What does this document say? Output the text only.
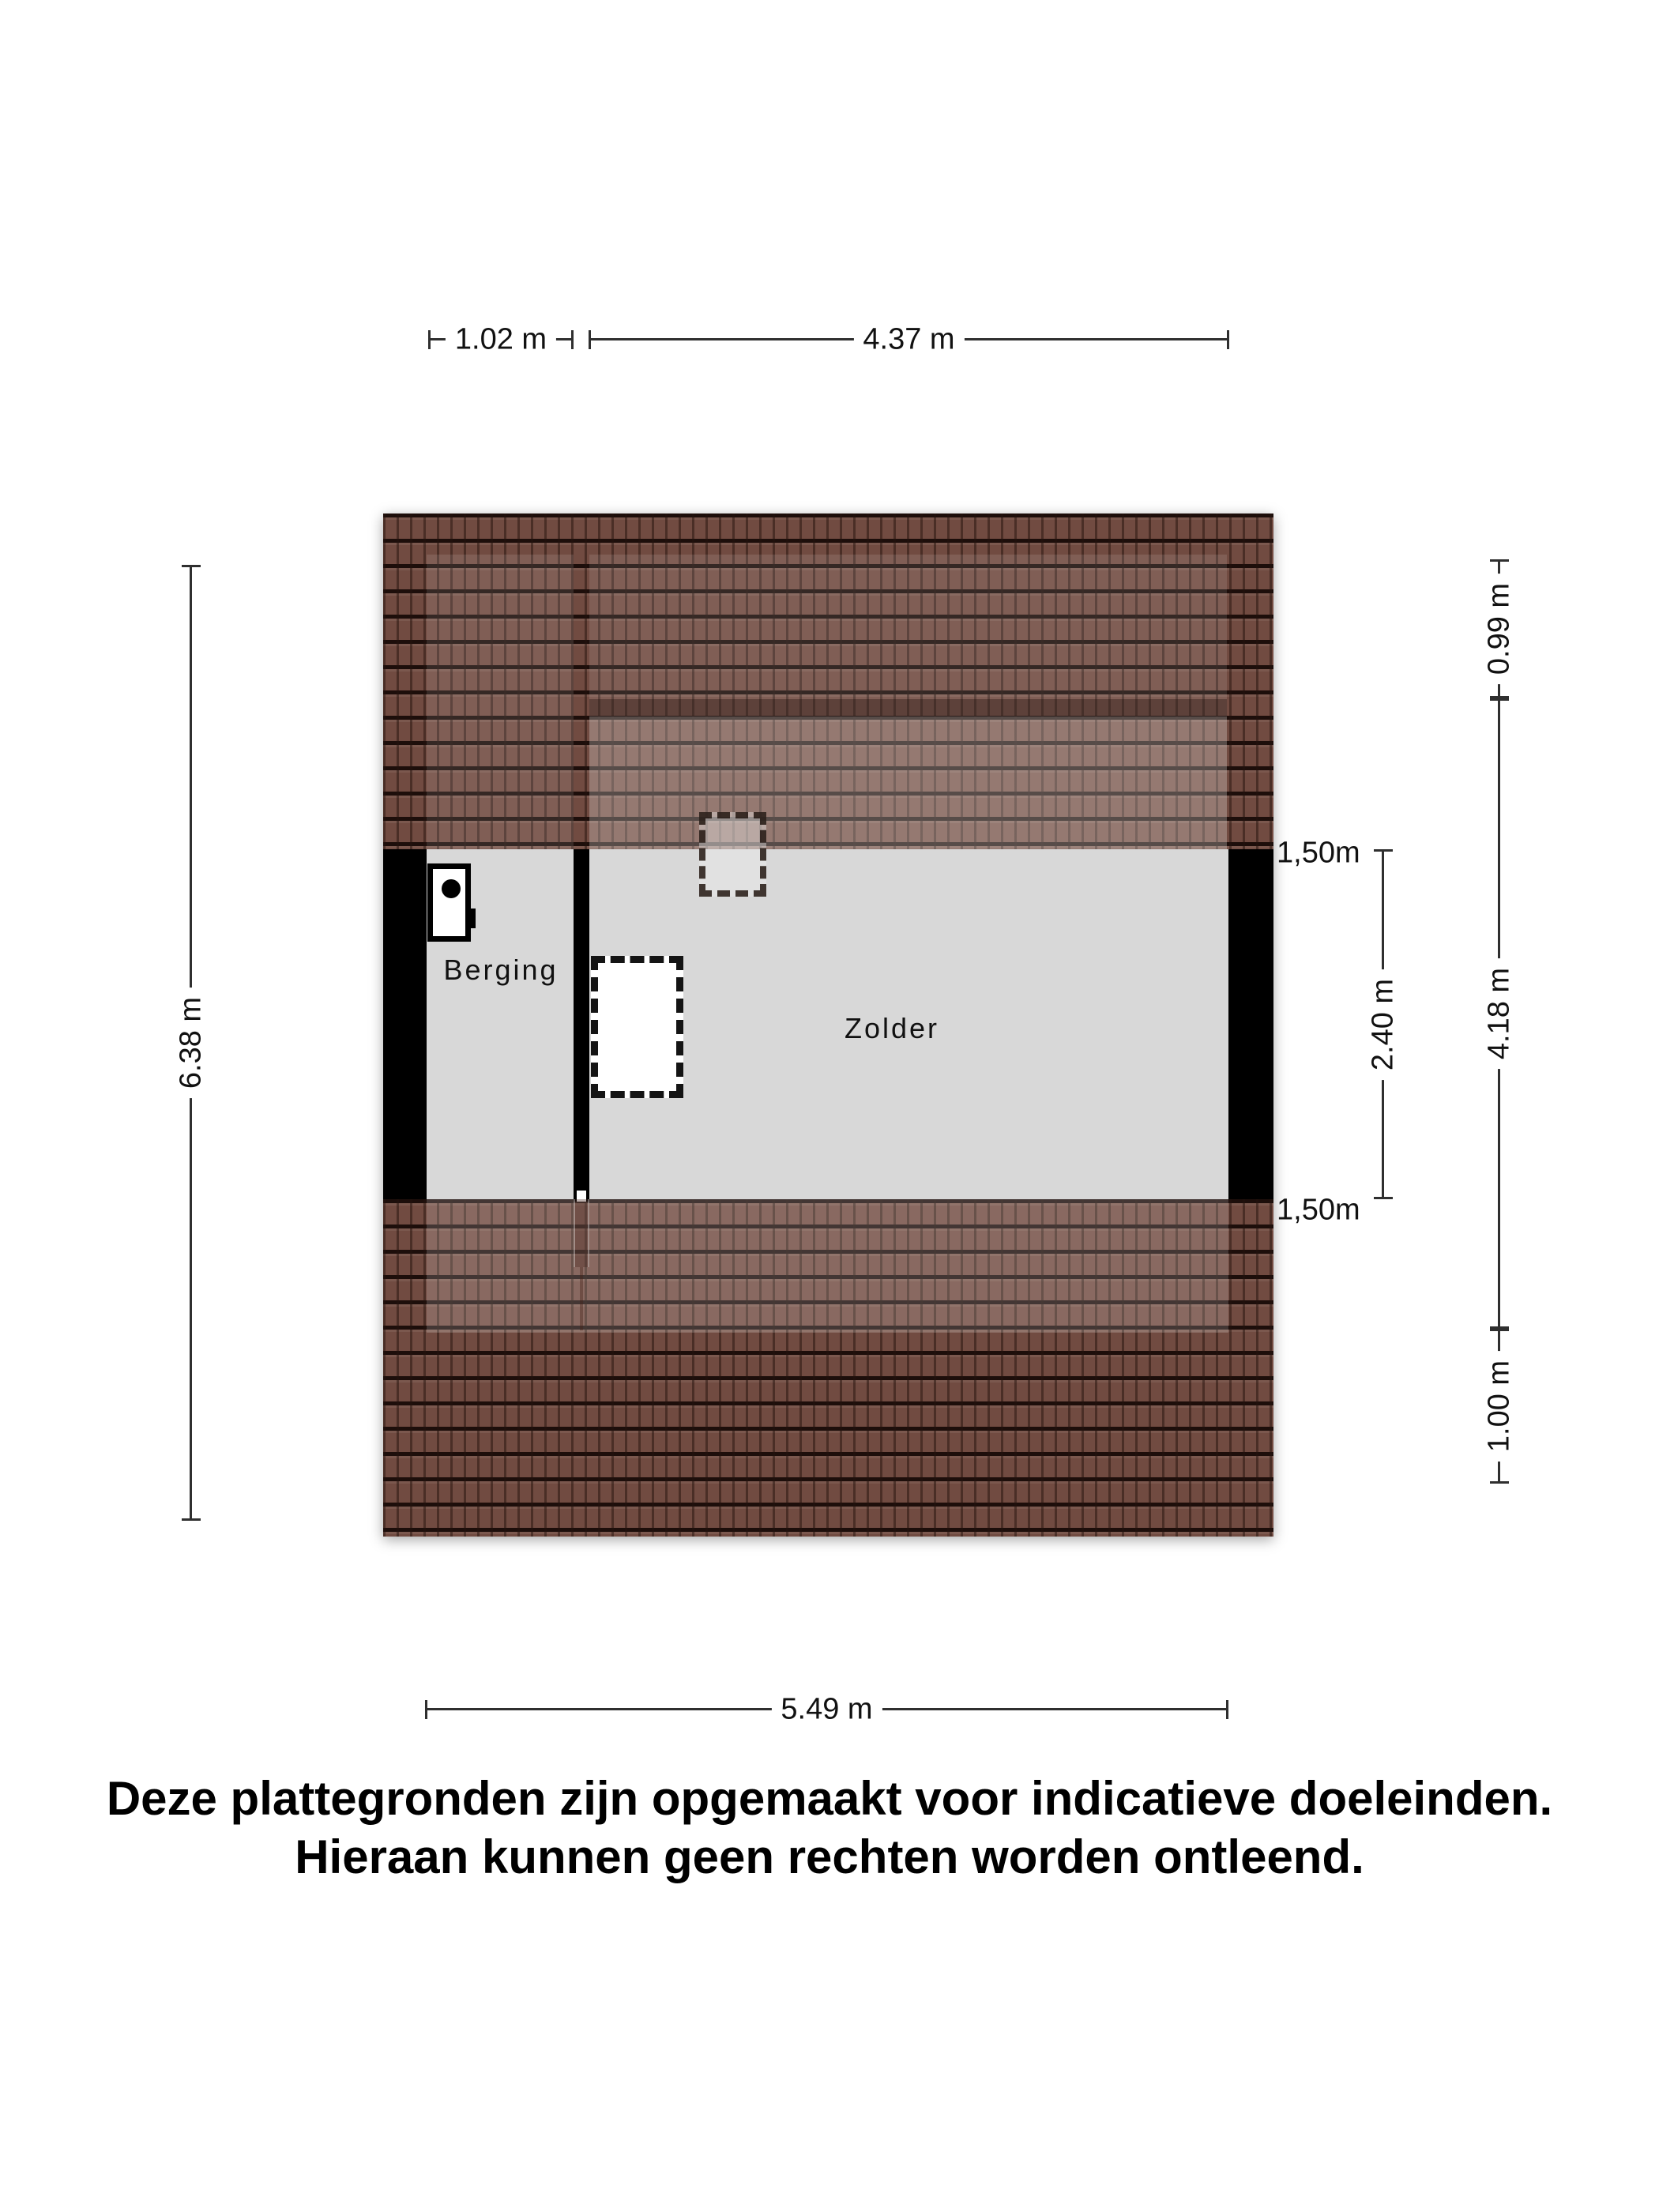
Berging
Zolder
1.02 m	4.37 m
5.49 m
6.38 m
0.99 m
4.18 m
1.00 m
2.40 m
1,50m
1,50m
Deze plattegronden zijn opgemaakt voor indicatieve doeleinden.
Hieraan kunnen geen rechten worden ontleend.
